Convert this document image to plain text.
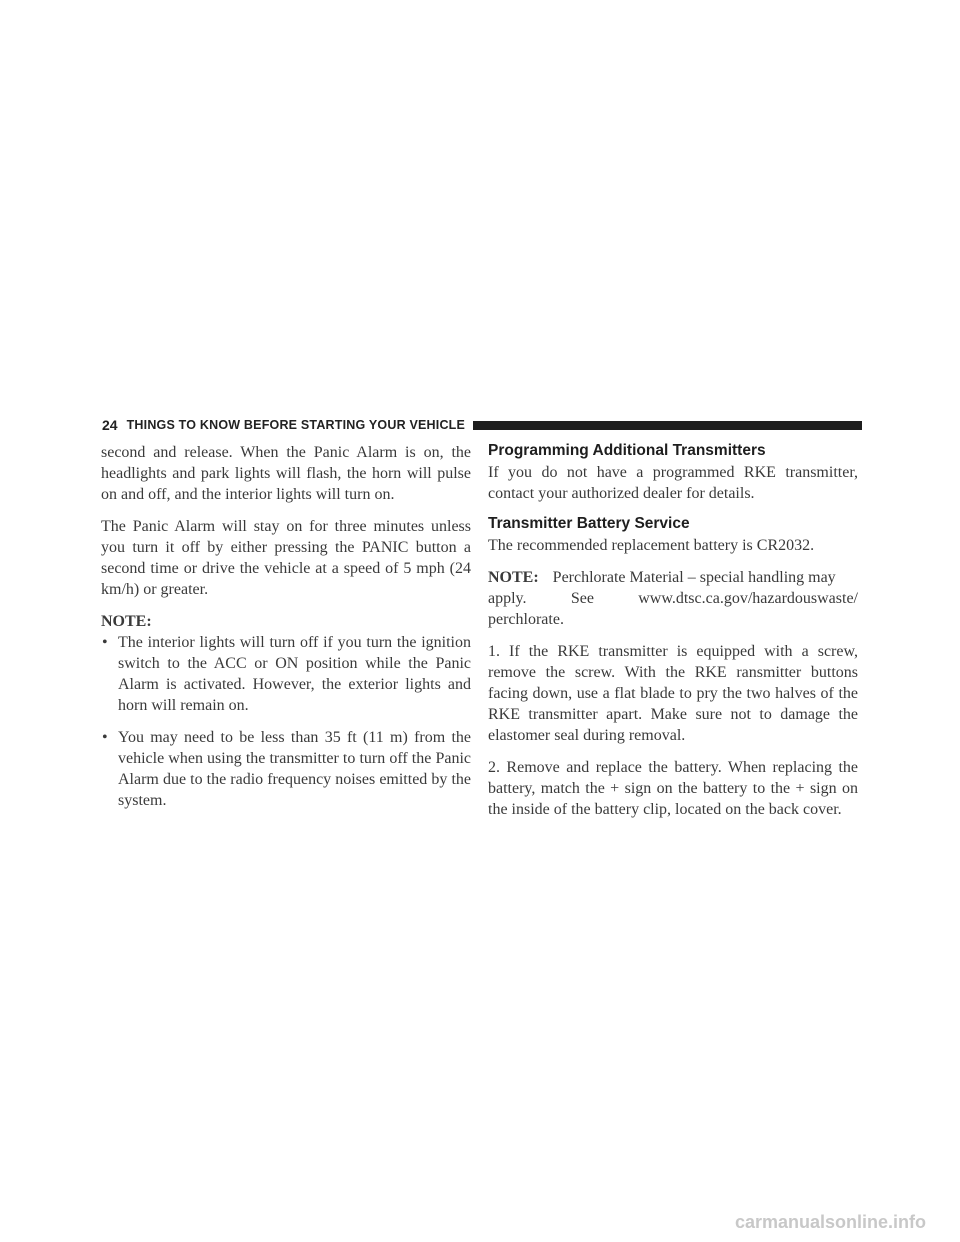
24 THINGS TO KNOW BEFORE STARTING YOUR VEHICLE

second and release. When the Panic Alarm is on, the headlights and park lights will flash, the horn will pulse on and off, and the interior lights will turn on.

The Panic Alarm will stay on for three minutes unless you turn it off by either pressing the PANIC button a second time or drive the vehicle at a speed of 5 mph (24 km/h) or greater.

NOTE:
• The interior lights will turn off if you turn the ignition switch to the ACC or ON position while the Panic Alarm is activated. However, the exterior lights and horn will remain on.
• You may need to be less than 35 ft (11 m) from the vehicle when using the transmitter to turn off the Panic Alarm due to the radio frequency noises emitted by the system.
Programming Additional Transmitters

If you do not have a programmed RKE transmitter, contact your authorized dealer for details.

Transmitter Battery Service

The recommended replacement battery is CR2032.

NOTE: Perchlorate Material – special handling may
apply.	See	www.dtsc.ca.gov/hazardouswaste/
perchlorate.

1. If the RKE transmitter is equipped with a screw, remove the screw. With the RKE ransmitter buttons facing down, use a flat blade to pry the two halves of the RKE transmitter apart. Make sure not to damage the elastomer seal during removal.

2. Remove and replace the battery. When replacing the battery, match the + sign on the battery to the + sign on the inside of the battery clip, located on the back cover.

carmanualsonline.info
